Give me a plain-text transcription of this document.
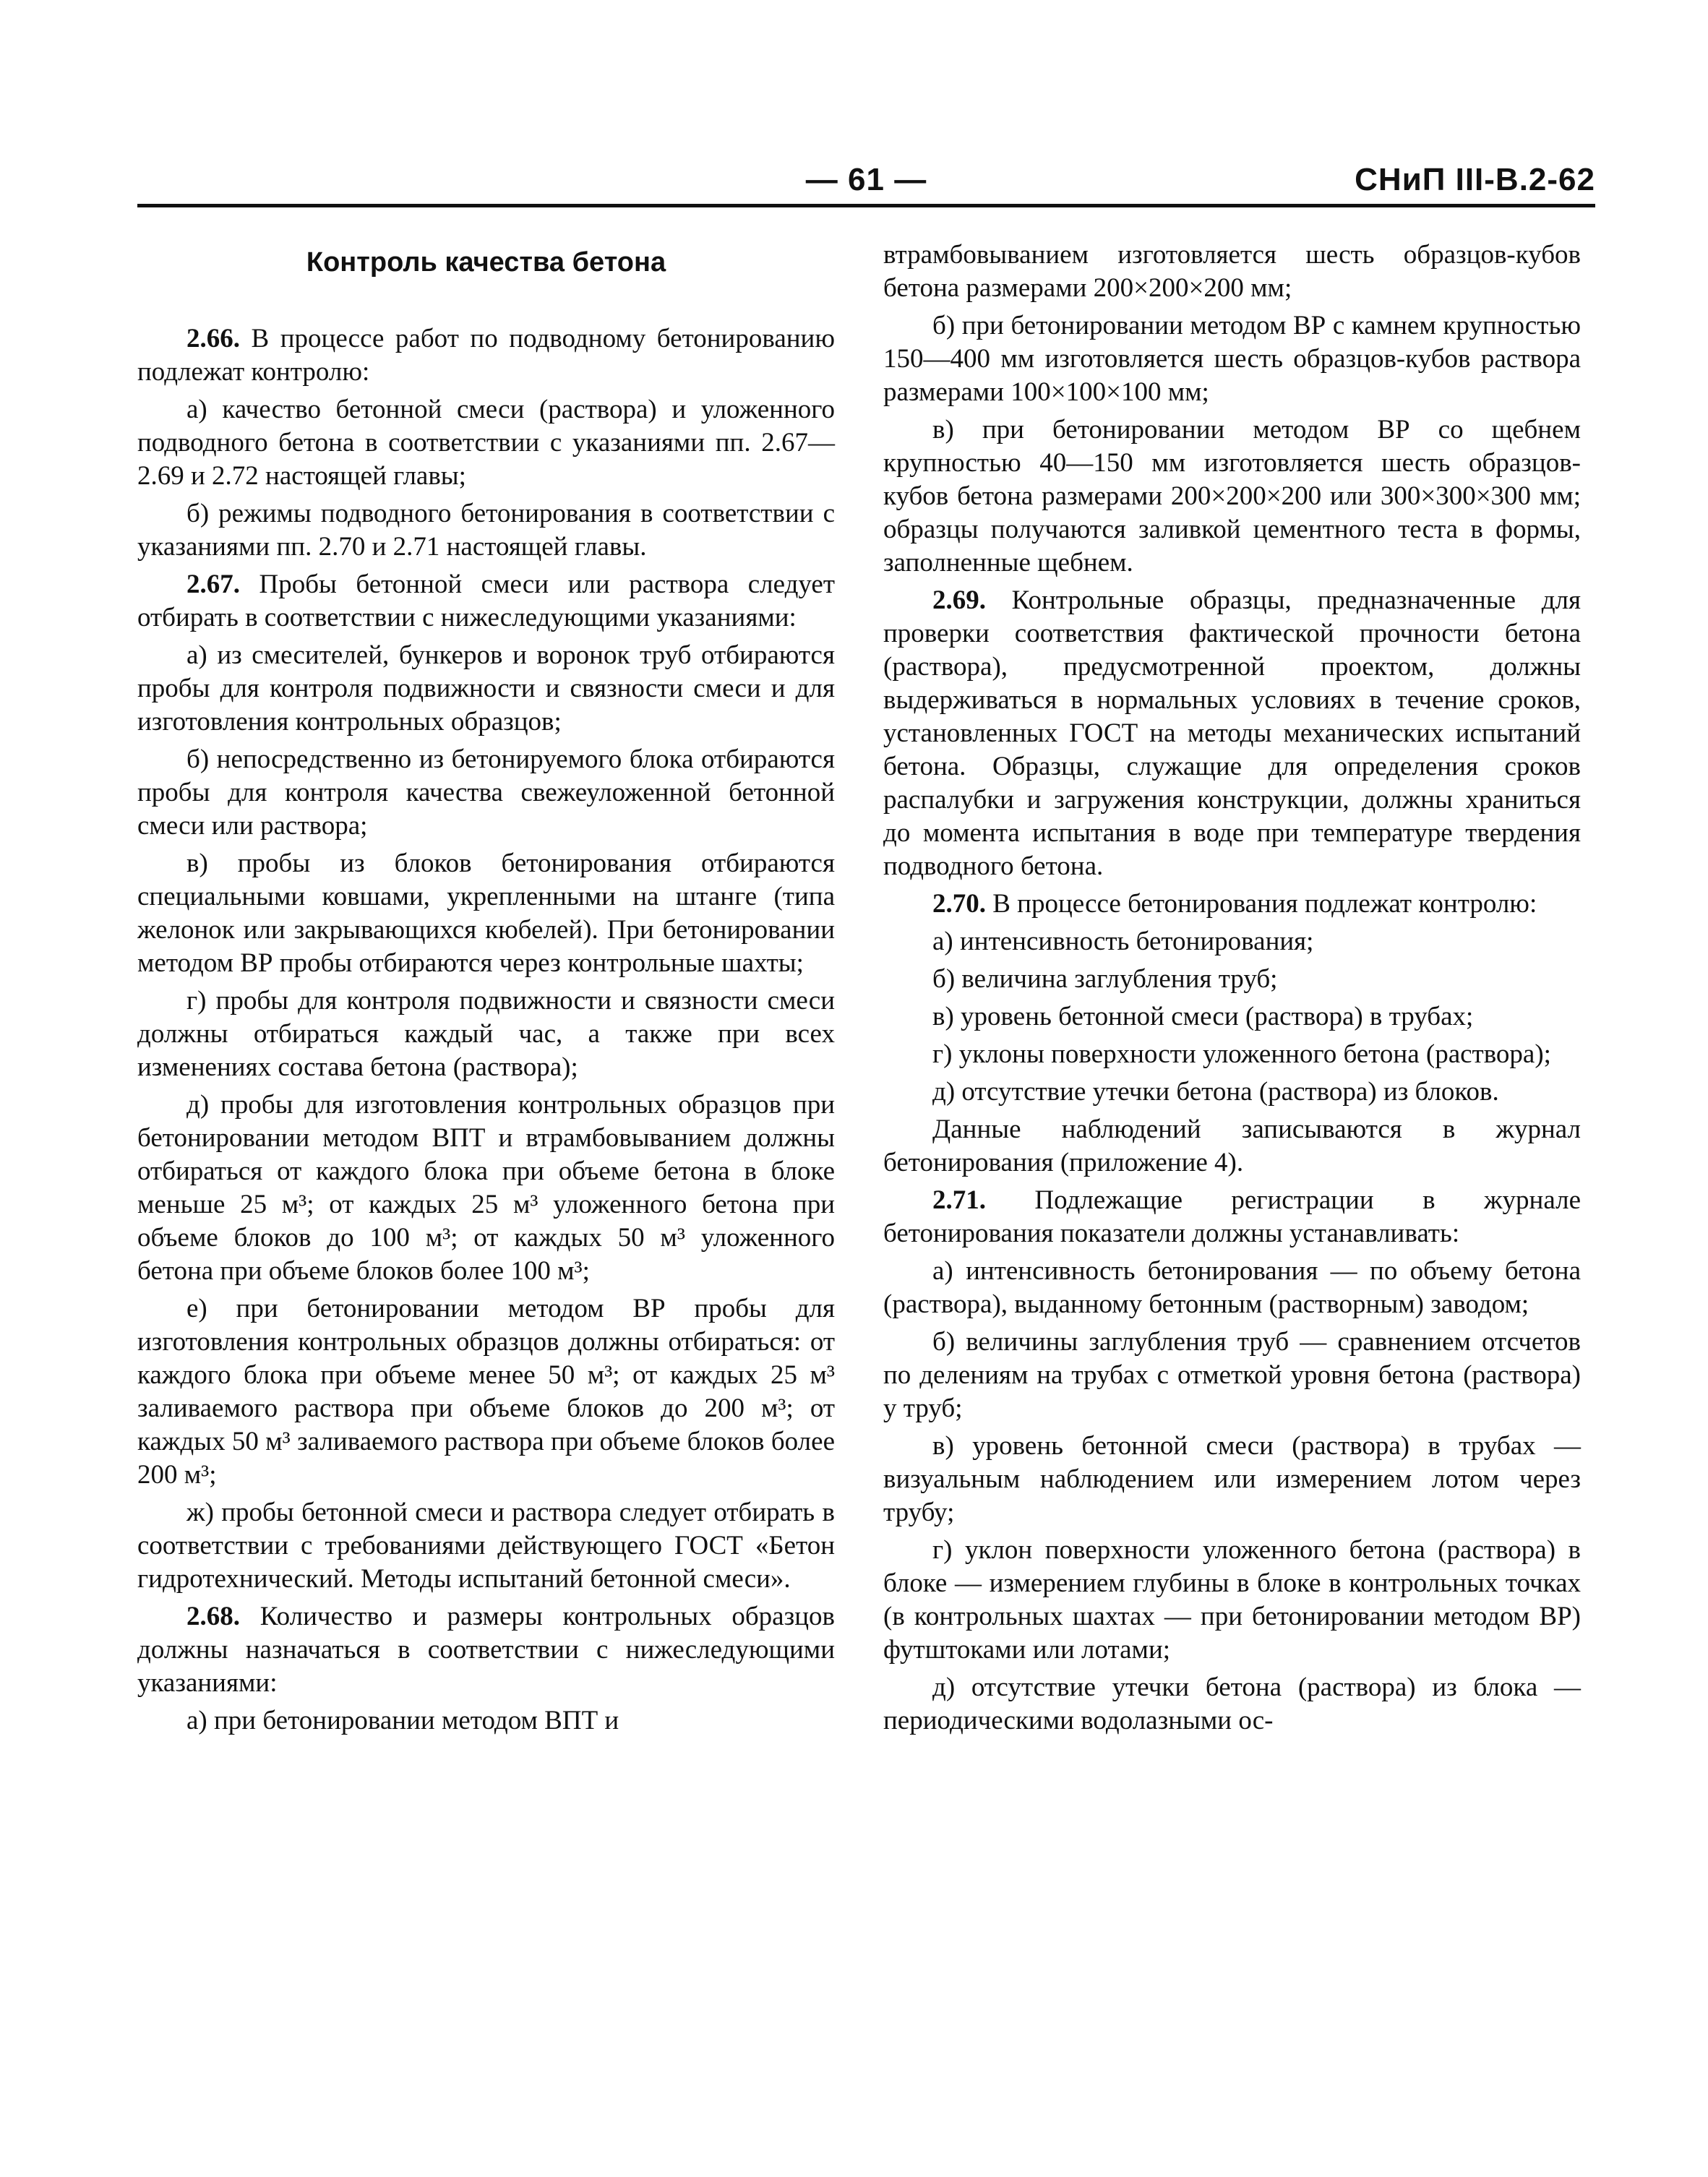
— 61 —	СНиП III-B.2-62
Контроль качества бетона

2.66. В процессе работ по подводному бетонированию подлежат контролю:

а) качество бетонной смеси (раствора) и уложенного подводного бетона в соответствии с указаниями пп. 2.67—2.69 и 2.72 настоящей главы;

б) режимы подводного бетонирования в соответствии с указаниями пп. 2.70 и 2.71 настоящей главы.

2.67. Пробы бетонной смеси или раствора следует отбирать в соответствии с нижеследующими указаниями:

а) из смесителей, бункеров и воронок труб отбираются пробы для контроля подвижности и связности смеси и для изготовления контрольных образцов;

б) непосредственно из бетонируемого блока отбираются пробы для контроля качества свежеуложенной бетонной смеси или раствора;

в) пробы из блоков бетонирования отбираются специальными ковшами, укрепленными на штанге (типа желонок или закрывающихся кюбелей). При бетонировании методом ВР пробы отбираются через контрольные шахты;

г) пробы для контроля подвижности и связности смеси должны отбираться каждый час, а также при всех изменениях состава бетона (раствора);

д) пробы для изготовления контрольных образцов при бетонировании методом ВПТ и втрамбовыванием должны отбираться от каждого блока при объеме бетона в блоке меньше 25 м³; от каждых 25 м³ уложенного бетона при объеме блоков до 100 м³; от каждых 50 м³ уложенного бетона при объеме блоков более 100 м³;

е) при бетонировании методом ВР пробы для изготовления контрольных образцов должны отбираться: от каждого блока при объеме менее 50 м³; от каждых 25 м³ заливаемого раствора при объеме блоков до 200 м³; от каждых 50 м³ заливаемого раствора при объеме блоков более 200 м³;

ж) пробы бетонной смеси и раствора следует отбирать в соответствии с требованиями действующего ГОСТ «Бетон гидротехнический. Методы испытаний бетонной смеси».

2.68. Количество и размеры контрольных образцов должны назначаться в соответствии с нижеследующими указаниями:

а) при бетонировании методом ВПТ и

втрамбовыванием изготовляется шесть образцов-кубов бетона размерами 200×200×200 мм;

б) при бетонировании методом ВР с камнем крупностью 150—400 мм изготовляется шесть образцов-кубов раствора размерами 100×100×100 мм;

в) при бетонировании методом ВР со щебнем крупностью 40—150 мм изготовляется шесть образцов-кубов бетона размерами 200×200×200 или 300×300×300 мм; образцы получаются заливкой цементного теста в формы, заполненные щебнем.

2.69. Контрольные образцы, предназначенные для проверки соответствия фактической прочности бетона (раствора), предусмотренной проектом, должны выдерживаться в нормальных условиях в течение сроков, установленных ГОСТ на методы механических испытаний бетона. Образцы, служащие для определения сроков распалубки и загружения конструкции, должны храниться до момента испытания в воде при температуре твердения подводного бетона.

2.70. В процессе бетонирования подлежат контролю:

а) интенсивность бетонирования;

б) величина заглубления труб;

в) уровень бетонной смеси (раствора) в трубах;

г) уклоны поверхности уложенного бетона (раствора);

д) отсутствие утечки бетона (раствора) из блоков.

Данные наблюдений записываются в журнал бетонирования (приложение 4).

2.71. Подлежащие регистрации в журнале бетонирования показатели должны устанавливать:

а) интенсивность бетонирования — по объему бетона (раствора), выданному бетонным (растворным) заводом;

б) величины заглубления труб — сравнением отсчетов по делениям на трубах с отметкой уровня бетона (раствора) у труб;

в) уровень бетонной смеси (раствора) в трубах — визуальным наблюдением или измерением лотом через трубу;

г) уклон поверхности уложенного бетона (раствора) в блоке — измерением глубины в блоке в контрольных точках (в контрольных шахтах — при бетонировании методом ВР) футштоками или лотами;

д) отсутствие утечки бетона (раствора) из блока — периодическими водолазными ос-
